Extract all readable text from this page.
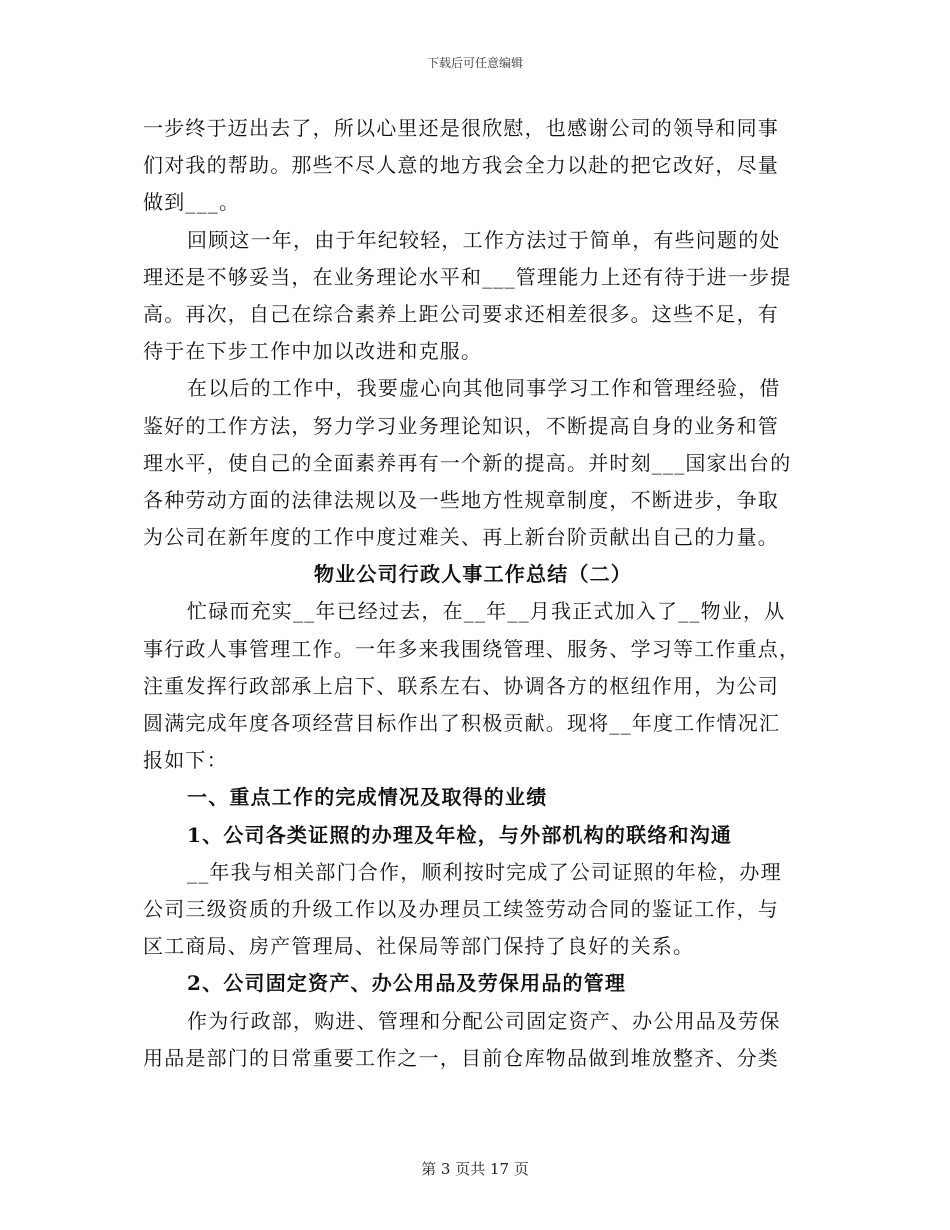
下载后可任意编辑
一步终于迈出去了，所以心里还是很欣慰，也感谢公司的领导和同事
们对我的帮助。那些不尽人意的地方我会全力以赴的把它改好，尽量
做到___。
回顾这一年，由于年纪较轻，工作方法过于简单，有些问题的处
理还是不够妥当，在业务理论水平和___管理能力上还有待于进一步提
高。再次，自己在综合素养上距公司要求还相差很多。这些不足，有
待于在下步工作中加以改进和克服。
在以后的工作中，我要虚心向其他同事学习工作和管理经验，借
鉴好的工作方法，努力学习业务理论知识，不断提高自身的业务和管
理水平，使自己的全面素养再有一个新的提高。并时刻___国家出台的
各种劳动方面的法律法规以及一些地方性规章制度，不断进步，争取
为公司在新年度的工作中度过难关、再上新台阶贡献出自己的力量。
物业公司行政人事工作总结（二）
忙碌而充实__年已经过去，在__年__月我正式加入了__物业，从
事行政人事管理工作。一年多来我围绕管理、服务、学习等工作重点，
注重发挥行政部承上启下、联系左右、协调各方的枢纽作用，为公司
圆满完成年度各项经营目标作出了积极贡献。现将__年度工作情况汇
报如下：
一、重点工作的完成情况及取得的业绩
1、公司各类证照的办理及年检，与外部机构的联络和沟通
__年我与相关部门合作，顺利按时完成了公司证照的年检，办理
公司三级资质的升级工作以及办理员工续签劳动合同的鉴证工作，与
区工商局、房产管理局、社保局等部门保持了良好的关系。
2、公司固定资产、办公用品及劳保用品的管理
作为行政部，购进、管理和分配公司固定资产、办公用品及劳保
用品是部门的日常重要工作之一，目前仓库物品做到堆放整齐、分类
第 3 页共 17 页
